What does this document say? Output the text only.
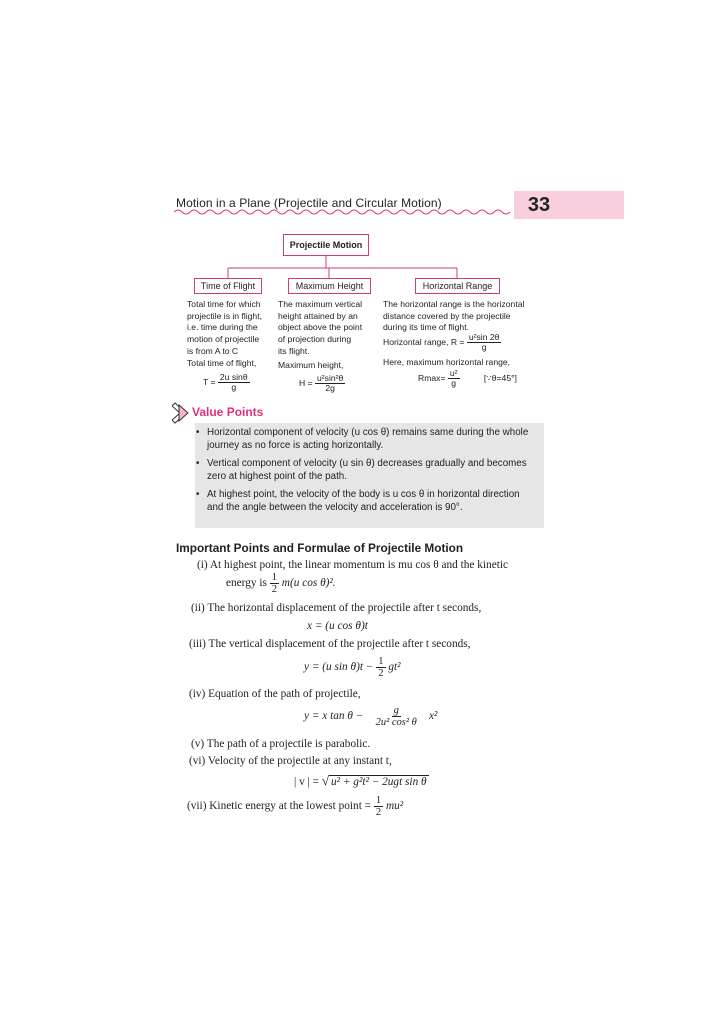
Motion in a Plane (Projectile and Circular Motion)	33
Projectile Motion
Time of Flight	Maximum Height	Horizontal Range
Total time for which
projectile is in flight,
i.e. time during the
motion of projectile
is from A to C
Total time of flight,
$T = \frac{\text{2u sinθ}}{g}$
The maximum vertical
height attained by an
object above the point
of projection during
its flight.
Maximum height,
$H = \frac{\text{u²sin²θ}}{2g}$
The horizontal range is the horizontal
distance covered by the projectile
during its time of flight.
Horizontal range, $R = \frac{\text{u²sin 2θ}}{g}$
Here, maximum horizontal range,
$Rmax= \frac{\text{u²}}{g}$	[∵θ=45°]
Value Points
• Horizontal component of velocity (u cos θ) remains same during the whole journey as no force is acting horizontally.
• Vertical component of velocity (u sin θ) decreases gradually and becomes zero at highest point of the path.
• At highest point, the velocity of the body is u cos θ in horizontal direction and the angle between the velocity and acceleration is 90°.
Important Points and Formulae of Projectile Motion
(i) At highest point, the linear momentum is mu cos θ and the kinetic
energy is $\frac{1}{2} m(u$ cos θ)².
(ii) The horizontal displacement of the projectile after t seconds,
x = (u cos θ)t
(iii) The vertical displacement of the projectile after t seconds,
y = (u $\sin \theta)t - \frac{1}{2} gt^2$
(iv) Equation of the path of projectile,
y = x $\tan \theta - \frac{g}{\text{2u² cos² θ}} x^2$
(v) The path of a projectile is parabolic.
(vi) Velocity of the projectile at any instant t,
| v | = √ u² + g²t² − 2ugt sin θ
(vii) Kinetic energy at the lowest point = $\frac{1}{2} mu^2$
